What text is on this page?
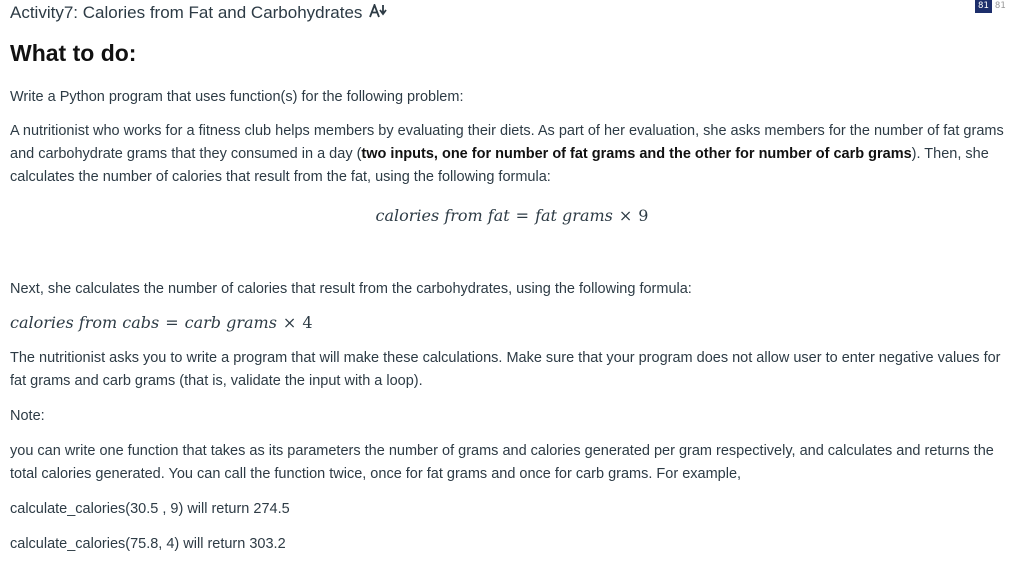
Activity7: Calories from Fat and Carbohydrates	81 81
What to do:

Write a Python program that uses function(s) for the following problem:

A nutritionist who works for a fitness club helps members by evaluating their diets. As part of her evaluation, she asks members for the number of fat grams and carbohydrate grams that they consumed in a day (two inputs, one for number of fat grams and the other for number of carb grams). Then, she calculates the number of calories that result from the fat, using the following formula:

calories from fat = fat grams × 9

Next, she calculates the number of calories that result from the carbohydrates, using the following formula:

calories from cabs = carb grams × 4

The nutritionist asks you to write a program that will make these calculations. Make sure that your program does not allow user to enter negative values for fat grams and carb grams (that is, validate the input with a loop).

Note:

you can write one function that takes as its parameters the number of grams and calories generated per gram respectively, and calculates and returns the total calories generated. You can call the function twice, once for fat grams and once for carb grams. For example,

calculate_calories(30.5 , 9) will return 274.5

calculate_calories(75.8, 4) will return 303.2
